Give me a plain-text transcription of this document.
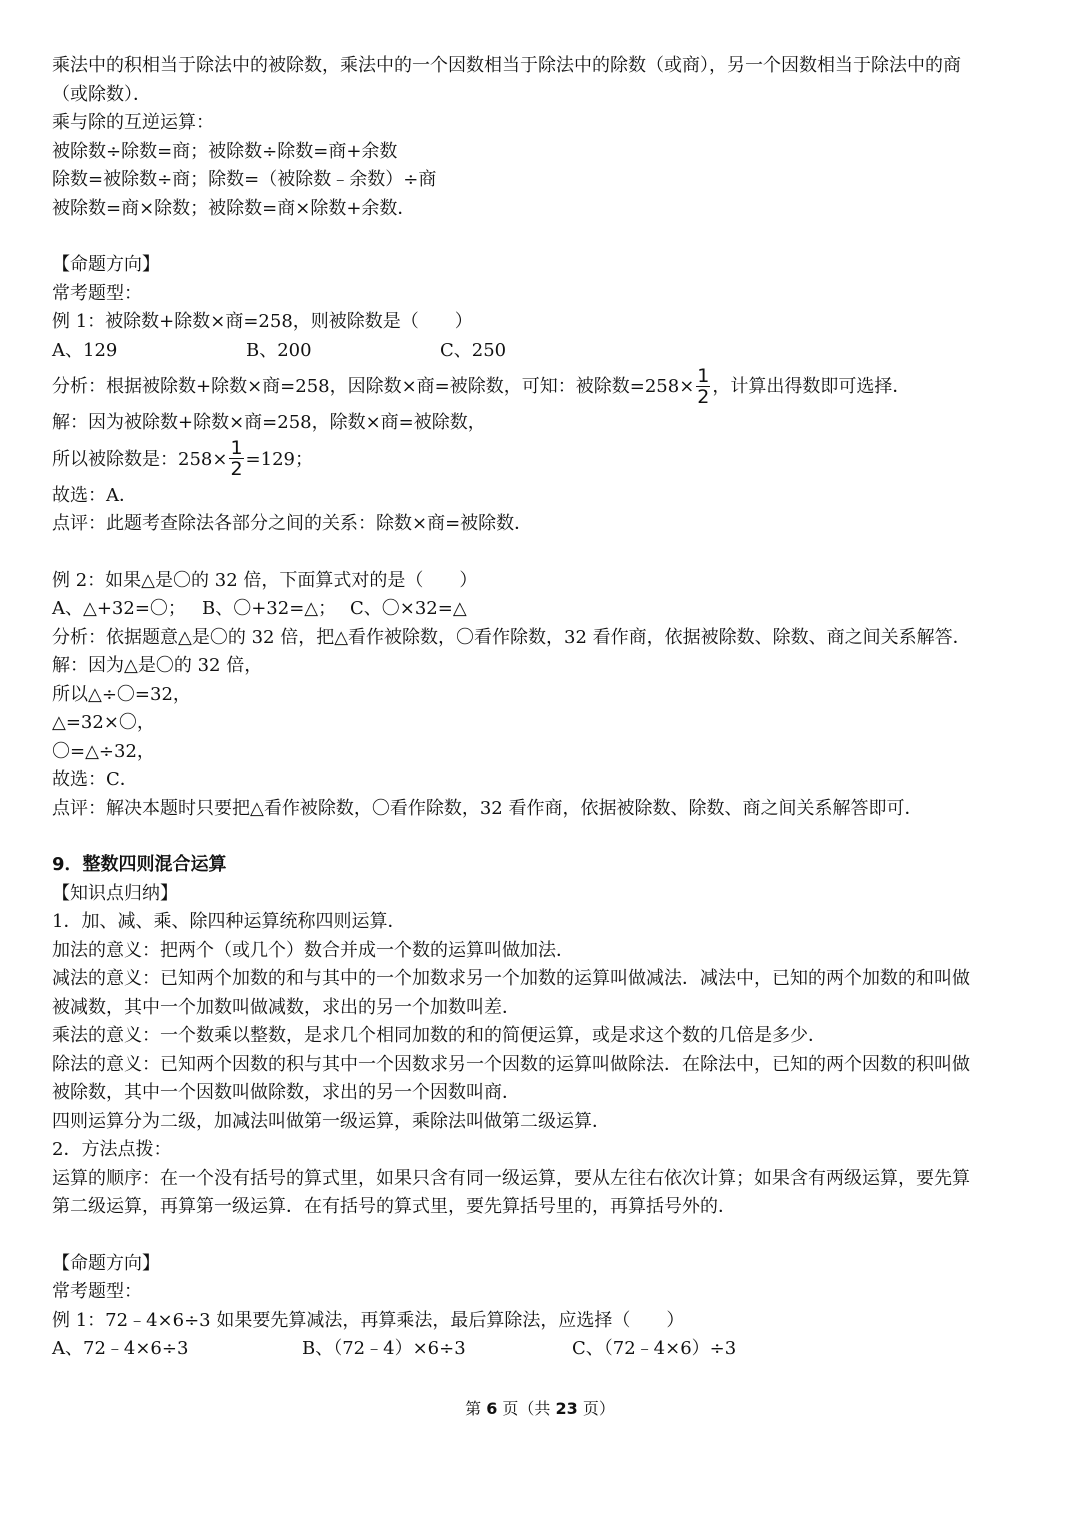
乘法中的积相当于除法中的被除数，乘法中的一个因数相当于除法中的除数（或商），另一个因数相当于除法中的商
（或除数）．
乘与除的互逆运算：
被除数÷除数=商；被除数÷除数=商+余数
除数=被除数÷商；除数=（被除数﹣余数）÷商
被除数=商×除数；被除数=商×除数+余数．
【命题方向】
常考题型：
例 1：被除数+除数×商=258，则被除数是（　　）
A、129	B、200	C、250
分析：根据被除数+除数×商=258，因除数×商=被除数，可知：被除数$=258\times \frac{1}{2}$ ，计算出得数即可选择．
解：因为被除数+除数×商=258，除数×商=被除数，
所以被除数是：$258\times \frac{1}{2} =129$；
故选：A．
点评：此题考查除法各部分之间的关系：除数×商=被除数．
例 2：如果△是〇的 32 倍，下面算式对的是（　　）
A、△+32=〇； B、〇+32=△； C、〇×32=△
分析：依据题意△是〇的 32 倍，把△看作被除数，〇看作除数，32 看作商，依据被除数、除数、商之间关系解答．
解：因为△是〇的 32 倍，
所以△÷〇=32，
△=32×〇，
〇=△÷32，
故选：C．
点评：解决本题时只要把△看作被除数，〇看作除数，32 看作商，依据被除数、除数、商之间关系解答即可．
9．整数四则混合运算
【知识点归纳】
1．加、减、乘、除四种运算统称四则运算．
加法的意义：把两个（或几个）数合并成一个数的运算叫做加法．
减法的意义：已知两个加数的和与其中的一个加数求另一个加数的运算叫做减法．减法中，已知的两个加数的和叫做
被减数，其中一个加数叫做减数，求出的另一个加数叫差．
乘法的意义：一个数乘以整数，是求几个相同加数的和的简便运算，或是求这个数的几倍是多少．
除法的意义：已知两个因数的积与其中一个因数求另一个因数的运算叫做除法．在除法中，已知的两个因数的积叫做
被除数，其中一个因数叫做除数，求出的另一个因数叫商．
四则运算分为二级，加减法叫做第一级运算，乘除法叫做第二级运算．
2．方法点拨：
运算的顺序：在一个没有括号的算式里，如果只含有同一级运算，要从左往右依次计算；如果含有两级运算，要先算
第二级运算，再算第一级运算．在有括号的算式里，要先算括号里的，再算括号外的．
【命题方向】
常考题型：
例 1：72﹣4×6÷3 如果要先算减法，再算乘法，最后算除法，应选择（　　）
A、72﹣4×6÷3	B、（72﹣4）×6÷3	C、（72﹣4×6）÷3
第 6 页（共 23 页）
